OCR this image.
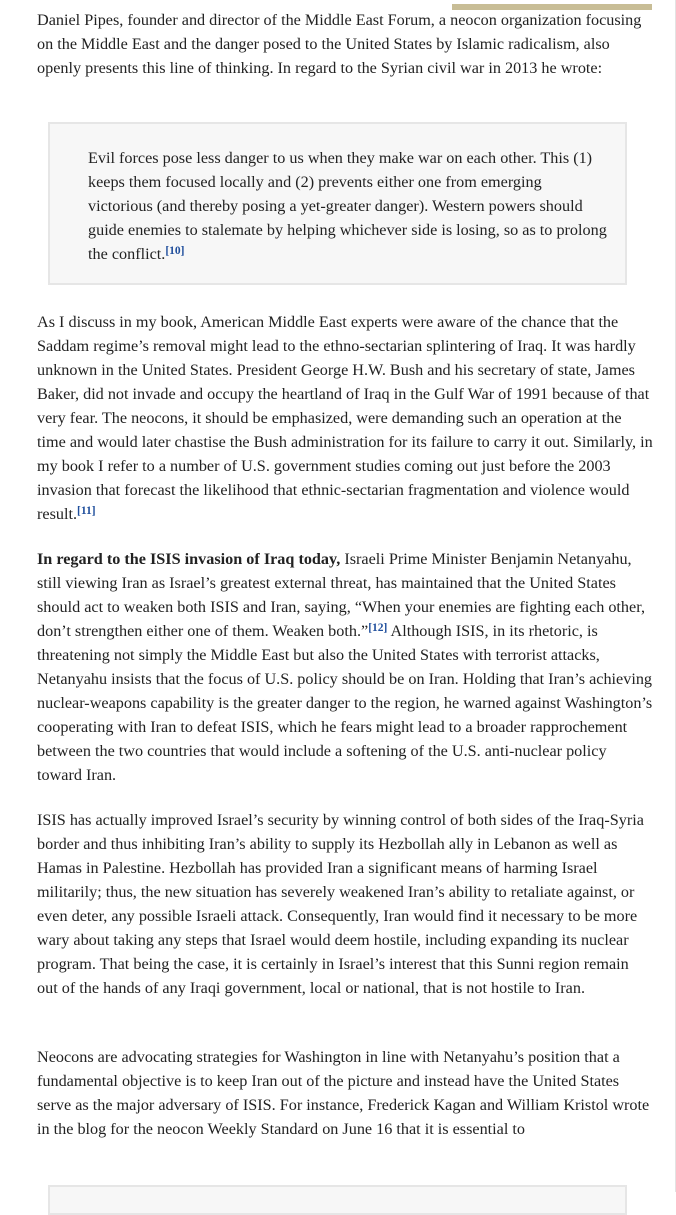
Daniel Pipes, founder and director of the Middle East Forum, a neocon organization focusing on the Middle East and the danger posed to the United States by Islamic radicalism, also openly presents this line of thinking. In regard to the Syrian civil war in 2013 he wrote:

Evil forces pose less danger to us when they make war on each other. This (1) keeps them focused locally and (2) prevents either one from emerging victorious (and thereby posing a yet-greater danger). Western powers should guide enemies to stalemate by helping whichever side is losing, so as to prolong the conflict.[10]

As I discuss in my book, American Middle East experts were aware of the chance that the Saddam regime’s removal might lead to the ethno-sectarian splintering of Iraq. It was hardly unknown in the United States. President George H.W. Bush and his secretary of state, James Baker, did not invade and occupy the heartland of Iraq in the Gulf War of 1991 because of that very fear. The neocons, it should be emphasized, were demanding such an operation at the time and would later chastise the Bush administration for its failure to carry it out. Similarly, in my book I refer to a number of U.S. government studies coming out just before the 2003 invasion that forecast the likelihood that ethnic-sectarian fragmentation and violence would result.[11]

In regard to the ISIS invasion of Iraq today, Israeli Prime Minister Benjamin Netanyahu, still viewing Iran as Israel’s greatest external threat, has maintained that the United States should act to weaken both ISIS and Iran, saying, “When your enemies are fighting each other, don’t strengthen either one of them. Weaken both.”[12] Although ISIS, in its rhetoric, is threatening not simply the Middle East but also the United States with terrorist attacks, Netanyahu insists that the focus of U.S. policy should be on Iran. Holding that Iran’s achieving nuclear-weapons capability is the greater danger to the region, he warned against Washington’s cooperating with Iran to defeat ISIS, which he fears might lead to a broader rapprochement between the two countries that would include a softening of the U.S. anti-nuclear policy toward Iran.

ISIS has actually improved Israel’s security by winning control of both sides of the Iraq-Syria border and thus inhibiting Iran’s ability to supply its Hezbollah ally in Lebanon as well as Hamas in Palestine. Hezbollah has provided Iran a significant means of harming Israel militarily; thus, the new situation has severely weakened Iran’s ability to retaliate against, or even deter, any possible Israeli attack. Consequently, Iran would find it necessary to be more wary about taking any steps that Israel would deem hostile, including expanding its nuclear program. That being the case, it is certainly in Israel’s interest that this Sunni region remain out of the hands of any Iraqi government, local or national, that is not hostile to Iran.

Neocons are advocating strategies for Washington in line with Netanyahu’s position that a fundamental objective is to keep Iran out of the picture and instead have the United States serve as the major adversary of ISIS. For instance, Frederick Kagan and William Kristol wrote in the blog for the neocon Weekly Standard on June 16 that it is essential to
